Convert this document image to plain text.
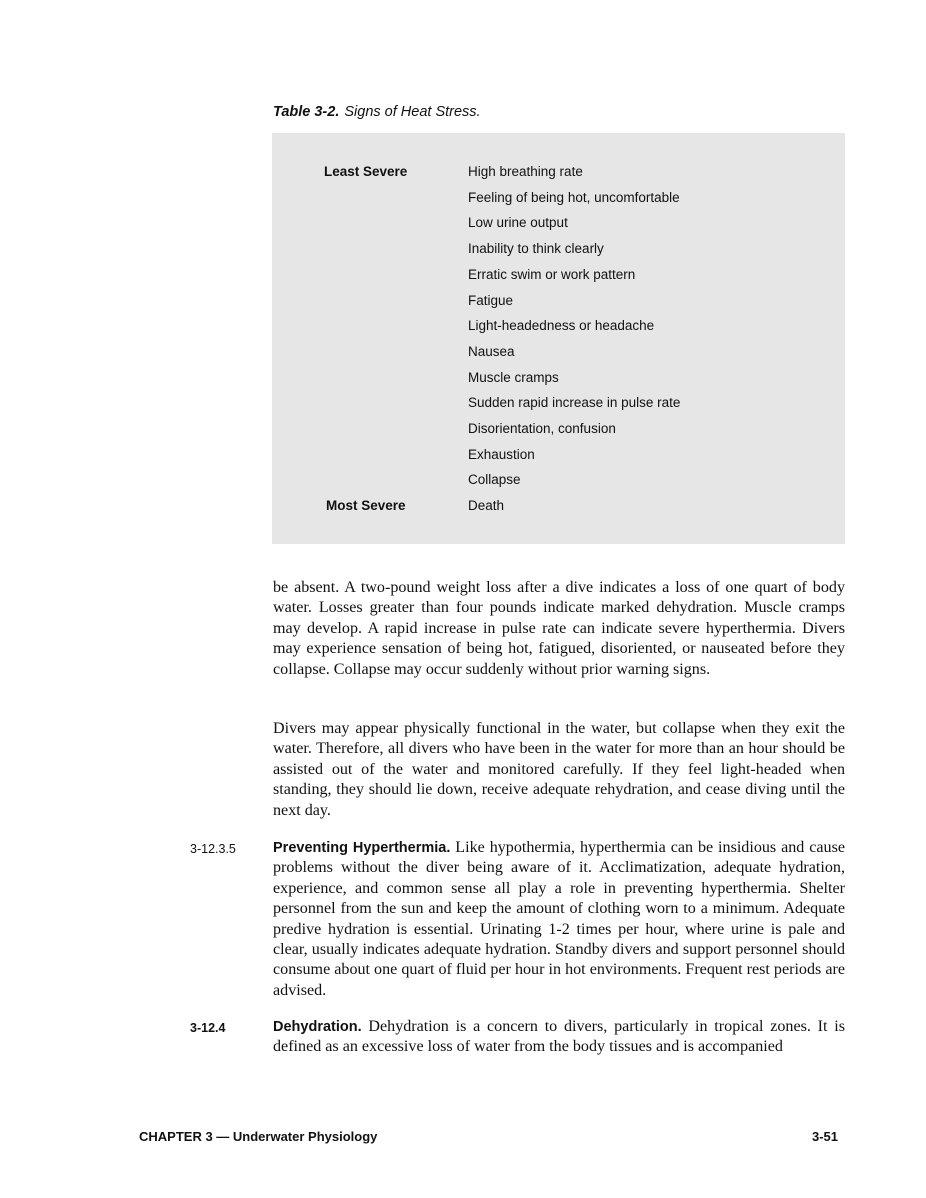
Table 3-2. Signs of Heat Stress.
Least Severe	High breathing rate
Feeling of being hot, uncomfortable
Low urine output
Inability to think clearly
Erratic swim or work pattern
Fatigue
Light-headedness or headache
Nausea
Muscle cramps
Sudden rapid increase in pulse rate
Disorientation, confusion
Exhaustion
Collapse
Most Severe	Death

be absent. A two-pound weight loss after a dive indicates a loss of one quart of body water. Losses greater than four pounds indicate marked dehydration. Muscle cramps may develop. A rapid increase in pulse rate can indicate severe hyperthermia. Divers may experience sensation of being hot, fatigued, disoriented, or nauseated before they collapse. Collapse may occur suddenly without prior warning signs.

Divers may appear physically functional in the water, but collapse when they exit the water. Therefore, all divers who have been in the water for more than an hour should be assisted out of the water and monitored carefully. If they feel light-headed when standing, they should lie down, receive adequate rehydration, and cease diving until the next day.

3-12.3.5	Preventing Hyperthermia. Like hypothermia, hyperthermia can be insidious and cause problems without the diver being aware of it. Acclimatization, adequate hydration, experience, and common sense all play a role in preventing hyperthermia. Shelter personnel from the sun and keep the amount of clothing worn to a minimum. Adequate predive hydration is essential. Urinating 1-2 times per hour, where urine is pale and clear, usually indicates adequate hydration. Standby divers and support personnel should consume about one quart of fluid per hour in hot environments. Frequent rest periods are advised.

3-12.4	Dehydration. Dehydration is a concern to divers, particularly in tropical zones. It is defined as an excessive loss of water from the body tissues and is accompanied

CHAPTER 3 — Underwater Physiology	3-51
